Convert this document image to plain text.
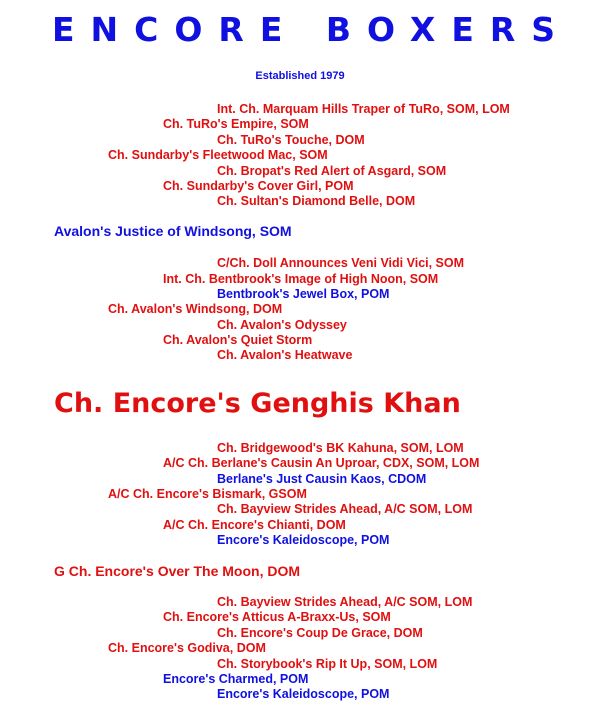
ENCORE BOXERS
Established 1979
Int. Ch. Marquam Hills Traper of TuRo, SOM, LOM
Ch. TuRo's Empire, SOM
Ch. TuRo's Touche, DOM
Ch. Sundarby's Fleetwood Mac, SOM
Ch. Bropat's Red Alert of Asgard, SOM
Ch. Sundarby's Cover Girl, POM
Ch. Sultan's Diamond Belle, DOM
Avalon's Justice of Windsong, SOM
C/Ch. Doll Announces Veni Vidi Vici, SOM
Int. Ch. Bentbrook's Image of High Noon, SOM
Bentbrook's Jewel Box, POM
Ch. Avalon's Windsong, DOM
Ch. Avalon's Odyssey
Ch. Avalon's Quiet Storm
Ch. Avalon's Heatwave
Ch. Encore's Genghis Khan
Ch. Bridgewood's BK Kahuna, SOM, LOM
A/C Ch. Berlane's Causin An Uproar, CDX, SOM, LOM
Berlane's Just Causin Kaos, CDOM
A/C Ch. Encore's Bismark, GSOM
Ch. Bayview Strides Ahead, A/C SOM, LOM
A/C Ch. Encore's Chianti, DOM
Encore's Kaleidoscope, POM
G Ch. Encore's Over The Moon, DOM
Ch. Bayview Strides Ahead, A/C SOM, LOM
Ch. Encore's Atticus A-Braxx-Us, SOM
Ch. Encore's Coup De Grace, DOM
Ch. Encore's Godiva, DOM
Ch. Storybook's Rip It Up, SOM, LOM
Encore's Charmed, POM
Encore's Kaleidoscope, POM
